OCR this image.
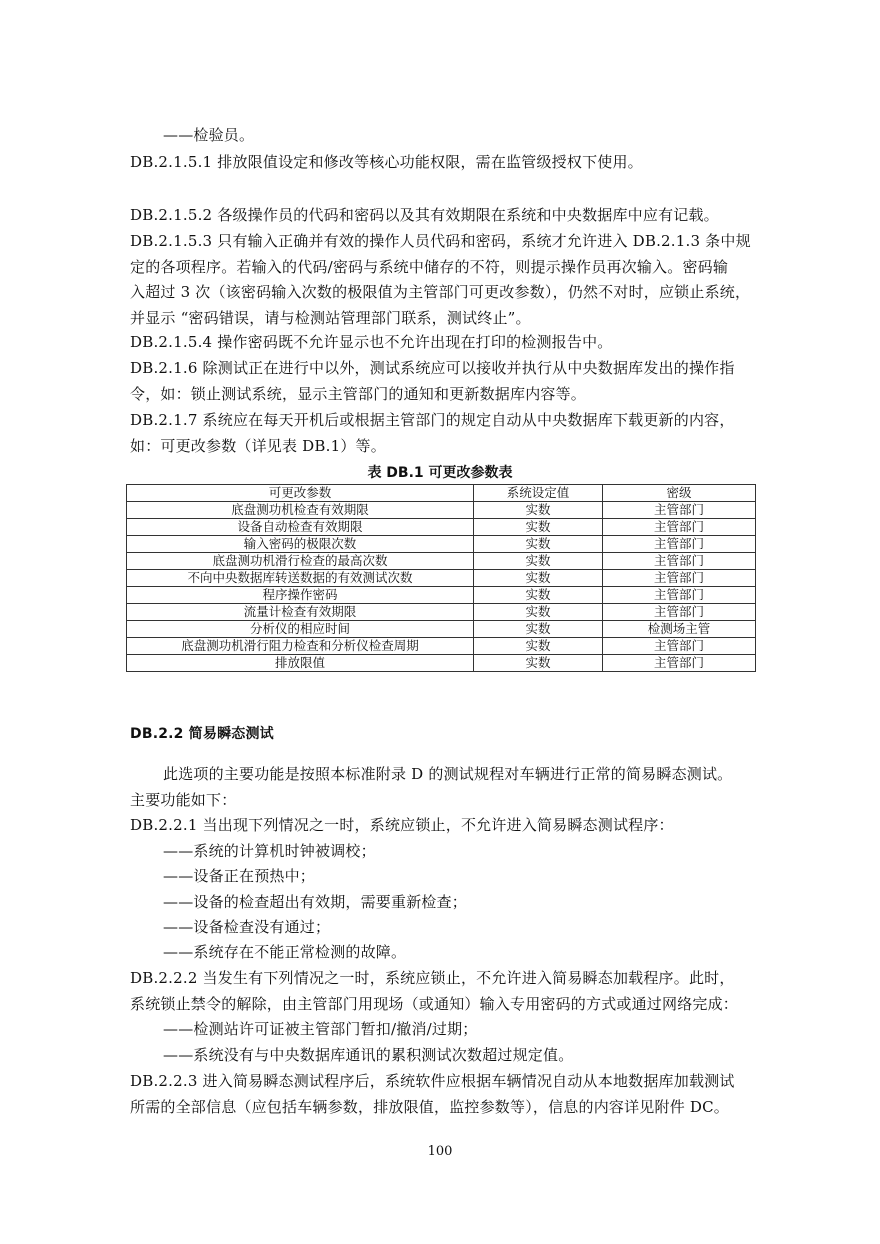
——检验员。
DB.2.1.5.1 排放限值设定和修改等核心功能权限，需在监管级授权下使用。
DB.2.1.5.2 各级操作员的代码和密码以及其有效期限在系统和中央数据库中应有记载。
DB.2.1.5.3 只有输入正确并有效的操作人员代码和密码，系统才允许进入 DB.2.1.3 条中规
定的各项程序。若输入的代码/密码与系统中储存的不符，则提示操作员再次输入。密码输
入超过 3 次（该密码输入次数的极限值为主管部门可更改参数），仍然不对时，应锁止系统，
并显示 “密码错误，请与检测站管理部门联系，测试终止”。
DB.2.1.5.4 操作密码既不允许显示也不允许出现在打印的检测报告中。
DB.2.1.6 除测试正在进行中以外，测试系统应可以接收并执行从中央数据库发出的操作指
令，如：锁止测试系统，显示主管部门的通知和更新数据库内容等。
DB.2.1.7 系统应在每天开机后或根据主管部门的规定自动从中央数据库下载更新的内容，
如：可更改参数（详见表 DB.1）等。
表 DB.1 可更改参数表
可更改参数	系统设定值	密级
底盘测功机检查有效期限	实数	主管部门
设备自动检查有效期限	实数	主管部门
输入密码的极限次数	实数	主管部门
底盘测功机滑行检查的最高次数	实数	主管部门
不向中央数据库转送数据的有效测试次数	实数	主管部门
程序操作密码	实数	主管部门
流量计检查有效期限	实数	主管部门
分析仪的相应时间	实数	检测场主管
底盘测功机滑行阻力检查和分析仪检查周期	实数	主管部门
排放限值	实数	主管部门
DB.2.2 简易瞬态测试
此选项的主要功能是按照本标准附录 D 的测试规程对车辆进行正常的简易瞬态测试。
主要功能如下：
DB.2.2.1 当出现下列情况之一时，系统应锁止，不允许进入简易瞬态测试程序：
——系统的计算机时钟被调校；
——设备正在预热中；
——设备的检查超出有效期，需要重新检查；
——设备检查没有通过；
——系统存在不能正常检测的故障。
DB.2.2.2 当发生有下列情况之一时，系统应锁止，不允许进入简易瞬态加载程序。此时，
系统锁止禁令的解除，由主管部门用现场（或通知）输入专用密码的方式或通过网络完成：
——检测站许可证被主管部门暂扣/撤消/过期；
——系统没有与中央数据库通讯的累积测试次数超过规定值。
DB.2.2.3 进入简易瞬态测试程序后，系统软件应根据车辆情况自动从本地数据库加载测试
所需的全部信息（应包括车辆参数，排放限值，监控参数等），信息的内容详见附件 DC。
100
